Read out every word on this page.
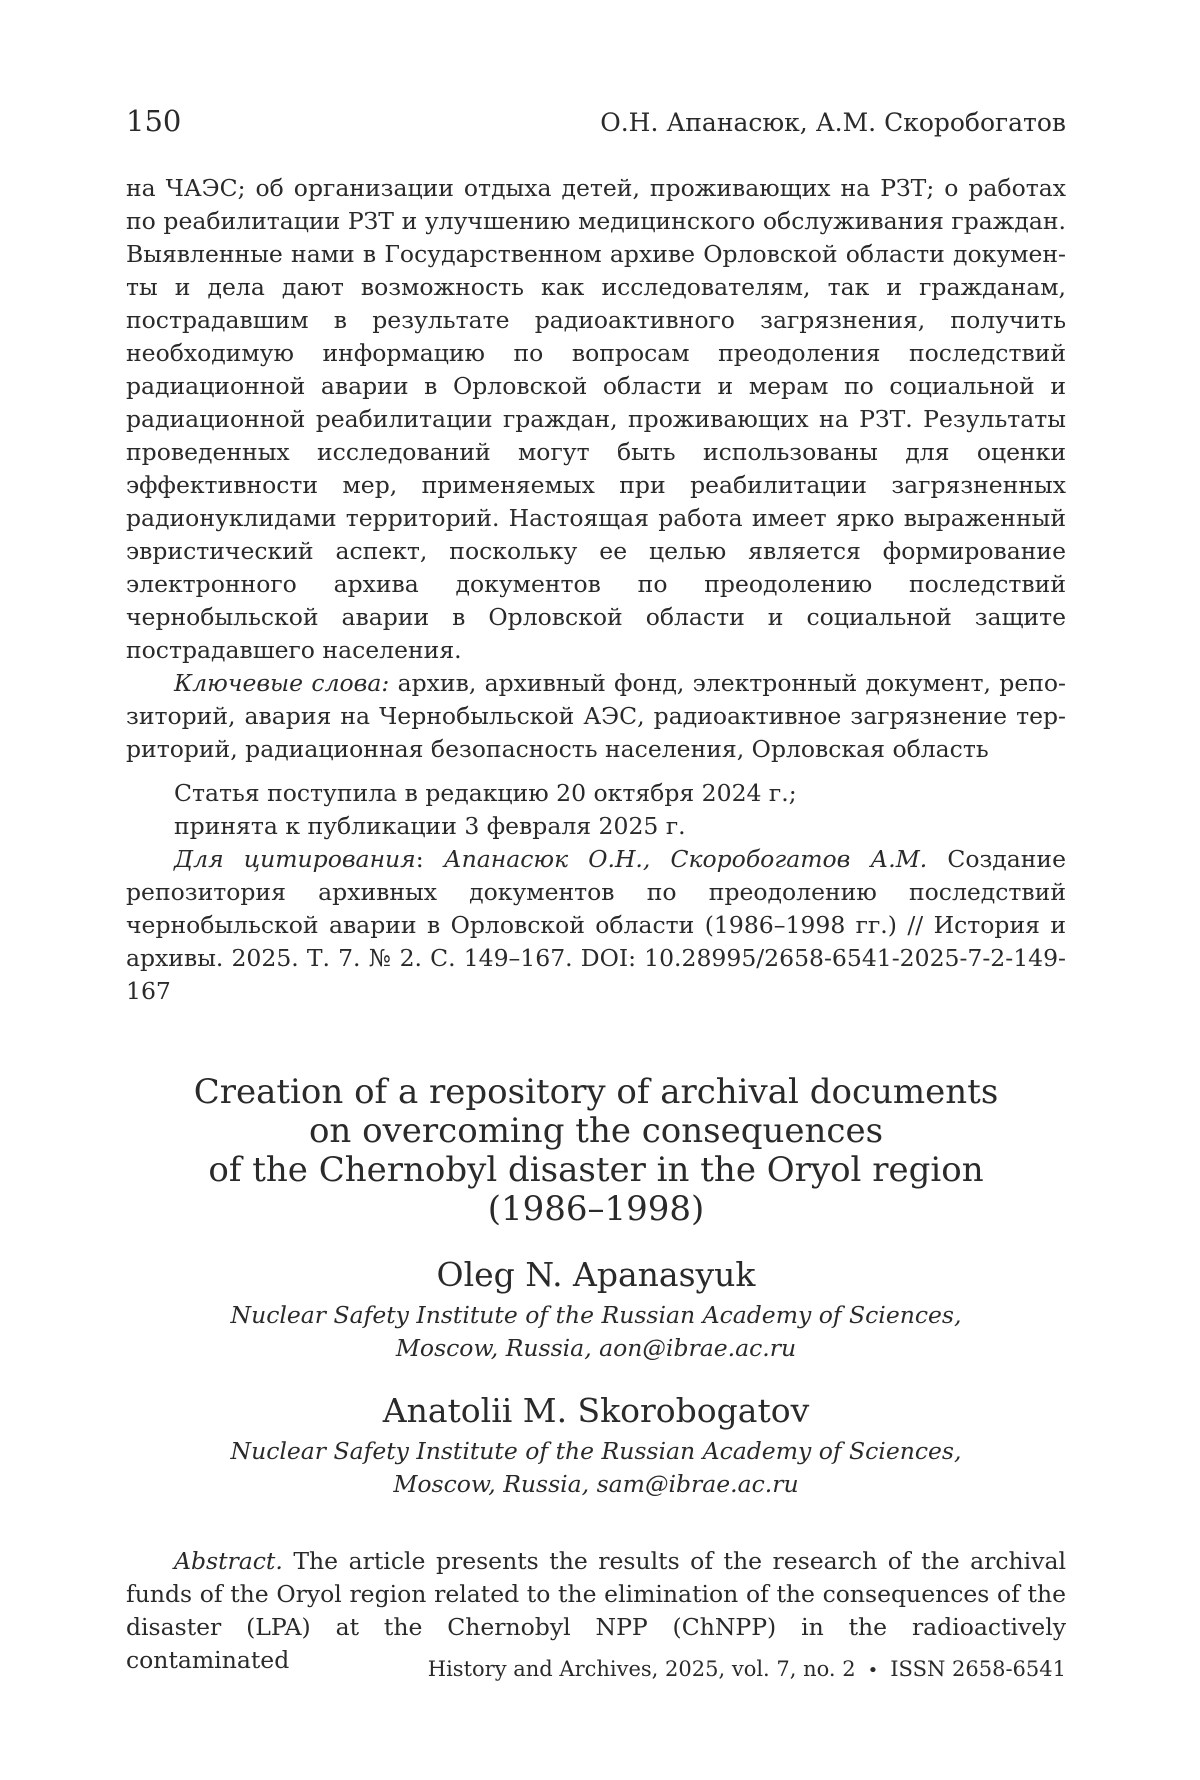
150	О.Н. Апанасюк, А.М. Скоробогатов

на ЧАЭС; об организации отдыха детей, проживающих на РЗТ; о работах по реабилитации РЗТ и улучшению медицинского обслуживания граждан. Выявленные нами в Государственном архиве Орловской области документы и дела дают возможность как исследователям, так и гражданам, пострадавшим в результате радиоактивного загрязнения, получить необходимую информацию по вопросам преодоления последствий радиационной аварии в Орловской области и мерам по социальной и радиационной реабилитации граждан, проживающих на РЗТ. Результаты проведенных исследований могут быть использованы для оценки эффективности мер, применяемых при реабилитации загрязненных радионуклидами территорий. Настоящая работа имеет ярко выраженный эвристический аспект, поскольку ее целью является формирование электронного архива документов по преодолению последствий чернобыльской аварии в Орловской области и социальной защите пострадавшего населения.

Ключевые слова: архив, архивный фонд, электронный документ, репозиторий, авария на Чернобыльской АЭС, радиоактивное загрязнение территорий, радиационная безопасность населения, Орловская область

Статья поступила в редакцию 20 октября 2024 г.;

принята к публикации 3 февраля 2025 г.

Для цитирования: Апанасюк О.Н., Скоробогатов А.М. Создание репозитория архивных документов по преодолению последствий чернобыльской аварии в Орловской области (1986–1998 гг.) // История и архивы. 2025. Т. 7. № 2. С. 149–167. DOI: 10.28995/2658-6541-2025-7-2-149-167

Creation of a repository of archival documents
on overcoming the consequences
of the Chernobyl disaster in the Oryol region
(1986–1998)
Oleg N. Apanasyuk

Nuclear Safety Institute of the Russian Academy of Sciences,
Moscow, Russia, aon@ibrae.ac.ru

Anatolii M. Skorobogatov

Nuclear Safety Institute of the Russian Academy of Sciences,
Moscow, Russia, sam@ibrae.ac.ru

Abstract. The article presents the results of the research of the archival funds of the Oryol region related to the elimination of the consequences of the disaster (LPA) at the Chernobyl NPP (ChNPP) in the radioactively contaminated	History and Archives, 2025, vol. 7, no. 2 • ISSN 2658-6541
